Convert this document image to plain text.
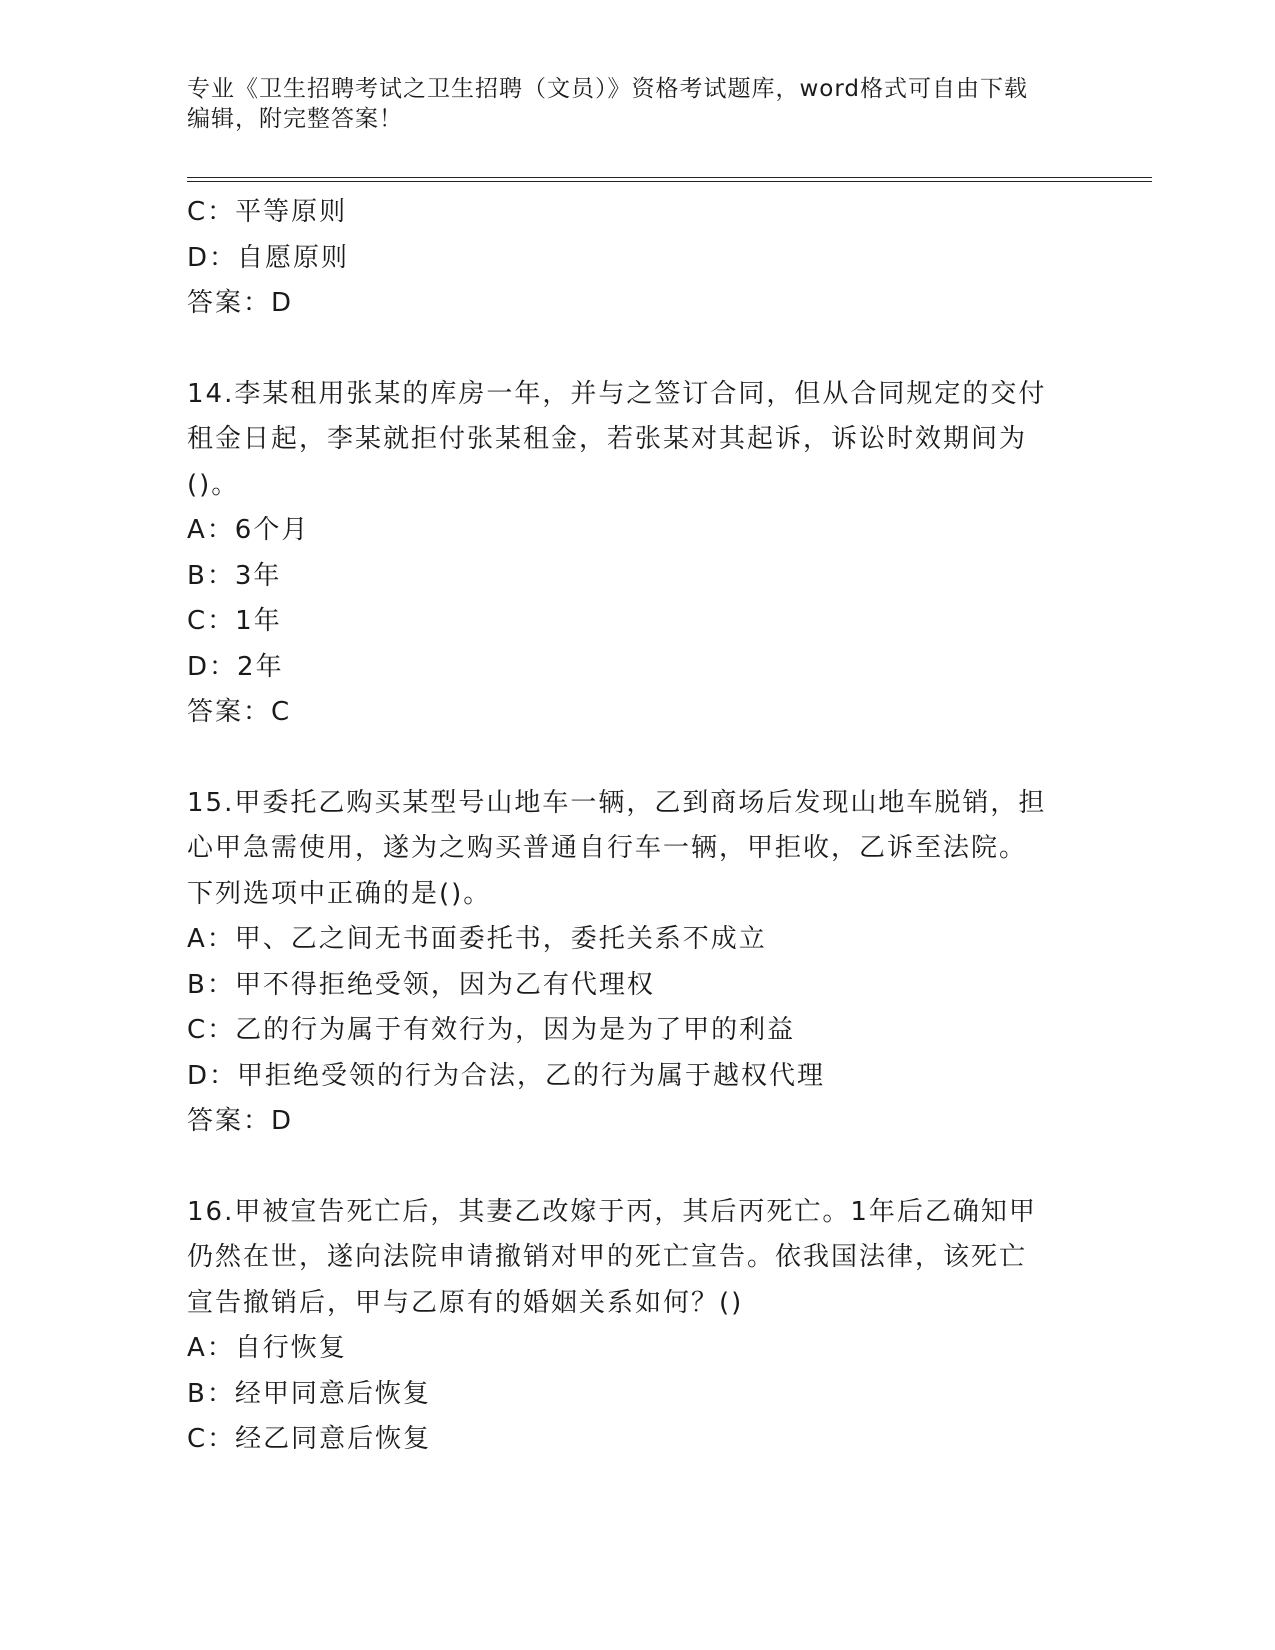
专业《卫生招聘考试之卫生招聘（文员）》资格考试题库，word格式可自由下载
编辑，附完整答案！
C：平等原则
D：自愿原则
答案：D
14.李某租用张某的库房一年，并与之签订合同，但从合同规定的交付
租金日起，李某就拒付张某租金，若张某对其起诉，诉讼时效期间为
()。
A：6个月
B：3年
C：1年
D：2年
答案：C
15.甲委托乙购买某型号山地车一辆，乙到商场后发现山地车脱销，担
心甲急需使用，遂为之购买普通自行车一辆，甲拒收，乙诉至法院。
下列选项中正确的是()。
A：甲、乙之间无书面委托书，委托关系不成立
B：甲不得拒绝受领，因为乙有代理权
C：乙的行为属于有效行为，因为是为了甲的利益
D：甲拒绝受领的行为合法，乙的行为属于越权代理
答案：D
16.甲被宣告死亡后，其妻乙改嫁于丙，其后丙死亡。1年后乙确知甲
仍然在世，遂向法院申请撤销对甲的死亡宣告。依我国法律，该死亡
宣告撤销后，甲与乙原有的婚姻关系如何？()
A：自行恢复
B：经甲同意后恢复
C：经乙同意后恢复
